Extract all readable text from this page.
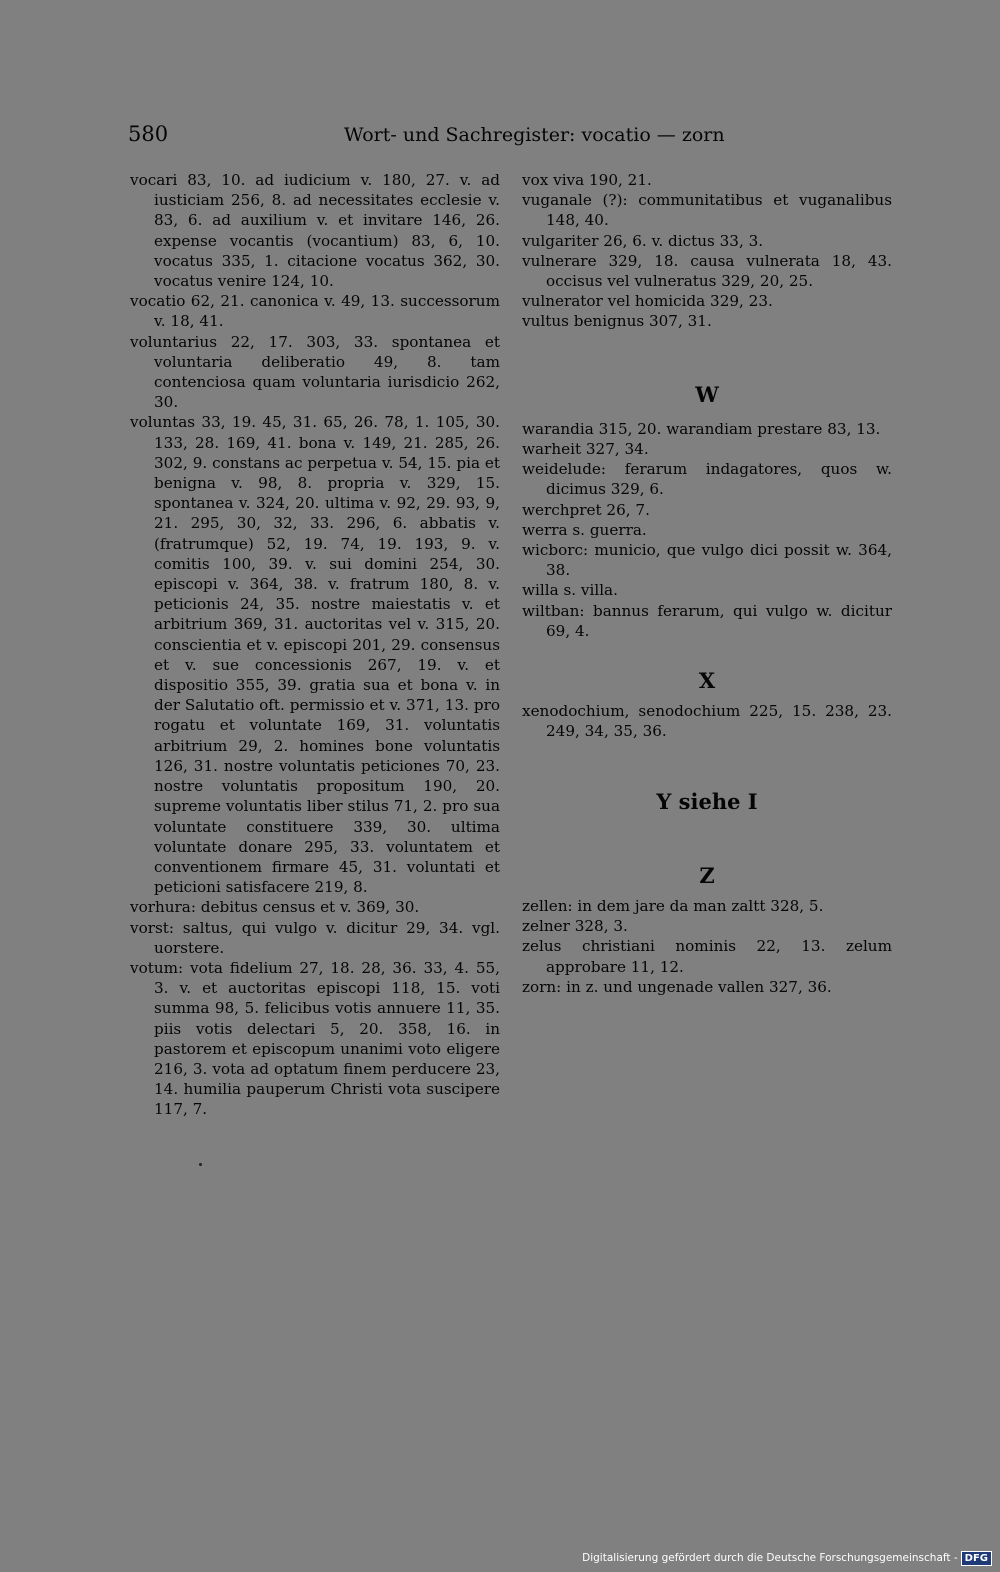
580	Wort- und Sachregister: vocatio — zorn

vocari 83, 10. ad iudicium v. 180, 27. v. ad iusticiam 256, 8. ad necessitates ecclesie v. 83, 6. ad auxilium v. et invitare 146, 26. expense vocantis (vocantium) 83, 6, 10. vocatus 335, 1. citacione vocatus 362, 30. vocatus venire 124, 10.

vocatio 62, 21. canonica v. 49, 13. successorum v. 18, 41.

voluntarius 22, 17. 303, 33. spontanea et voluntaria deliberatio 49, 8. tam contenciosa quam voluntaria iurisdicio 262, 30.

voluntas 33, 19. 45, 31. 65, 26. 78, 1. 105, 30. 133, 28. 169, 41. bona v. 149, 21. 285, 26. 302, 9. constans ac perpetua v. 54, 15. pia et benigna v. 98, 8. propria v. 329, 15. spontanea v. 324, 20. ultima v. 92, 29. 93, 9, 21. 295, 30, 32, 33. 296, 6. abbatis v. (fratrumque) 52, 19. 74, 19. 193, 9. v. comitis 100, 39. v. sui domini 254, 30. episcopi v. 364, 38. v. fratrum 180, 8. v. peticionis 24, 35. nostre maiestatis v. et arbitrium 369, 31. auctoritas vel v. 315, 20. conscientia et v. episcopi 201, 29. consensus et v. sue concessionis 267, 19. v. et dispositio 355, 39. gratia sua et bona v. in der Salutatio oft. permissio et v. 371, 13. pro rogatu et voluntate 169, 31. voluntatis arbitrium 29, 2. homines bone voluntatis 126, 31. nostre voluntatis peticiones 70, 23. nostre voluntatis propositum 190, 20. supreme voluntatis liber stilus 71, 2. pro sua voluntate constituere 339, 30. ultima voluntate donare 295, 33. voluntatem et conventionem firmare 45, 31. voluntati et peticioni satisfacere 219, 8.

vorhura: debitus census et v. 369, 30.

vorst: saltus, qui vulgo v. dicitur 29, 34. vgl. uorstere.

votum: vota fidelium 27, 18. 28, 36. 33, 4. 55, 3. v. et auctoritas episcopi 118, 15. voti summa 98, 5. felicibus votis annuere 11, 35. piis votis delectari 5, 20. 358, 16. in pastorem et episcopum unanimi voto eligere 216, 3. vota ad optatum finem perducere 23, 14. humilia pauperum Christi vota suscipere 117, 7.

vox viva 190, 21.

vuganale (?): communitatibus et vuganalibus 148, 40.

vulgariter 26, 6. v. dictus 33, 3.

vulnerare 329, 18. causa vulnerata 18, 43. occisus vel vulneratus 329, 20, 25.

vulnerator vel homicida 329, 23.

vultus benignus 307, 31.

W

warandia 315, 20. warandiam prestare 83, 13.

warheit 327, 34.

weidelude: ferarum indagatores, quos w. dicimus 329, 6.

werchpret 26, 7.

werra s. guerra.

wicborc: municio, que vulgo dici possit w. 364, 38.

willa s. villa.

wiltban: bannus ferarum, qui vulgo w. dicitur 69, 4.

X

xenodochium, senodochium 225, 15. 238, 23. 249, 34, 35, 36.

Y siehe I

Z

zellen: in dem jare da man zaltt 328, 5.

zelner 328, 3.

zelus christiani nominis 22, 13. zelum approbare 11, 12.

zorn: in z. und ungenade vallen 327, 36.

Digitalisierung gefördert durch die Deutsche Forschungsgemeinschaft - DFG
